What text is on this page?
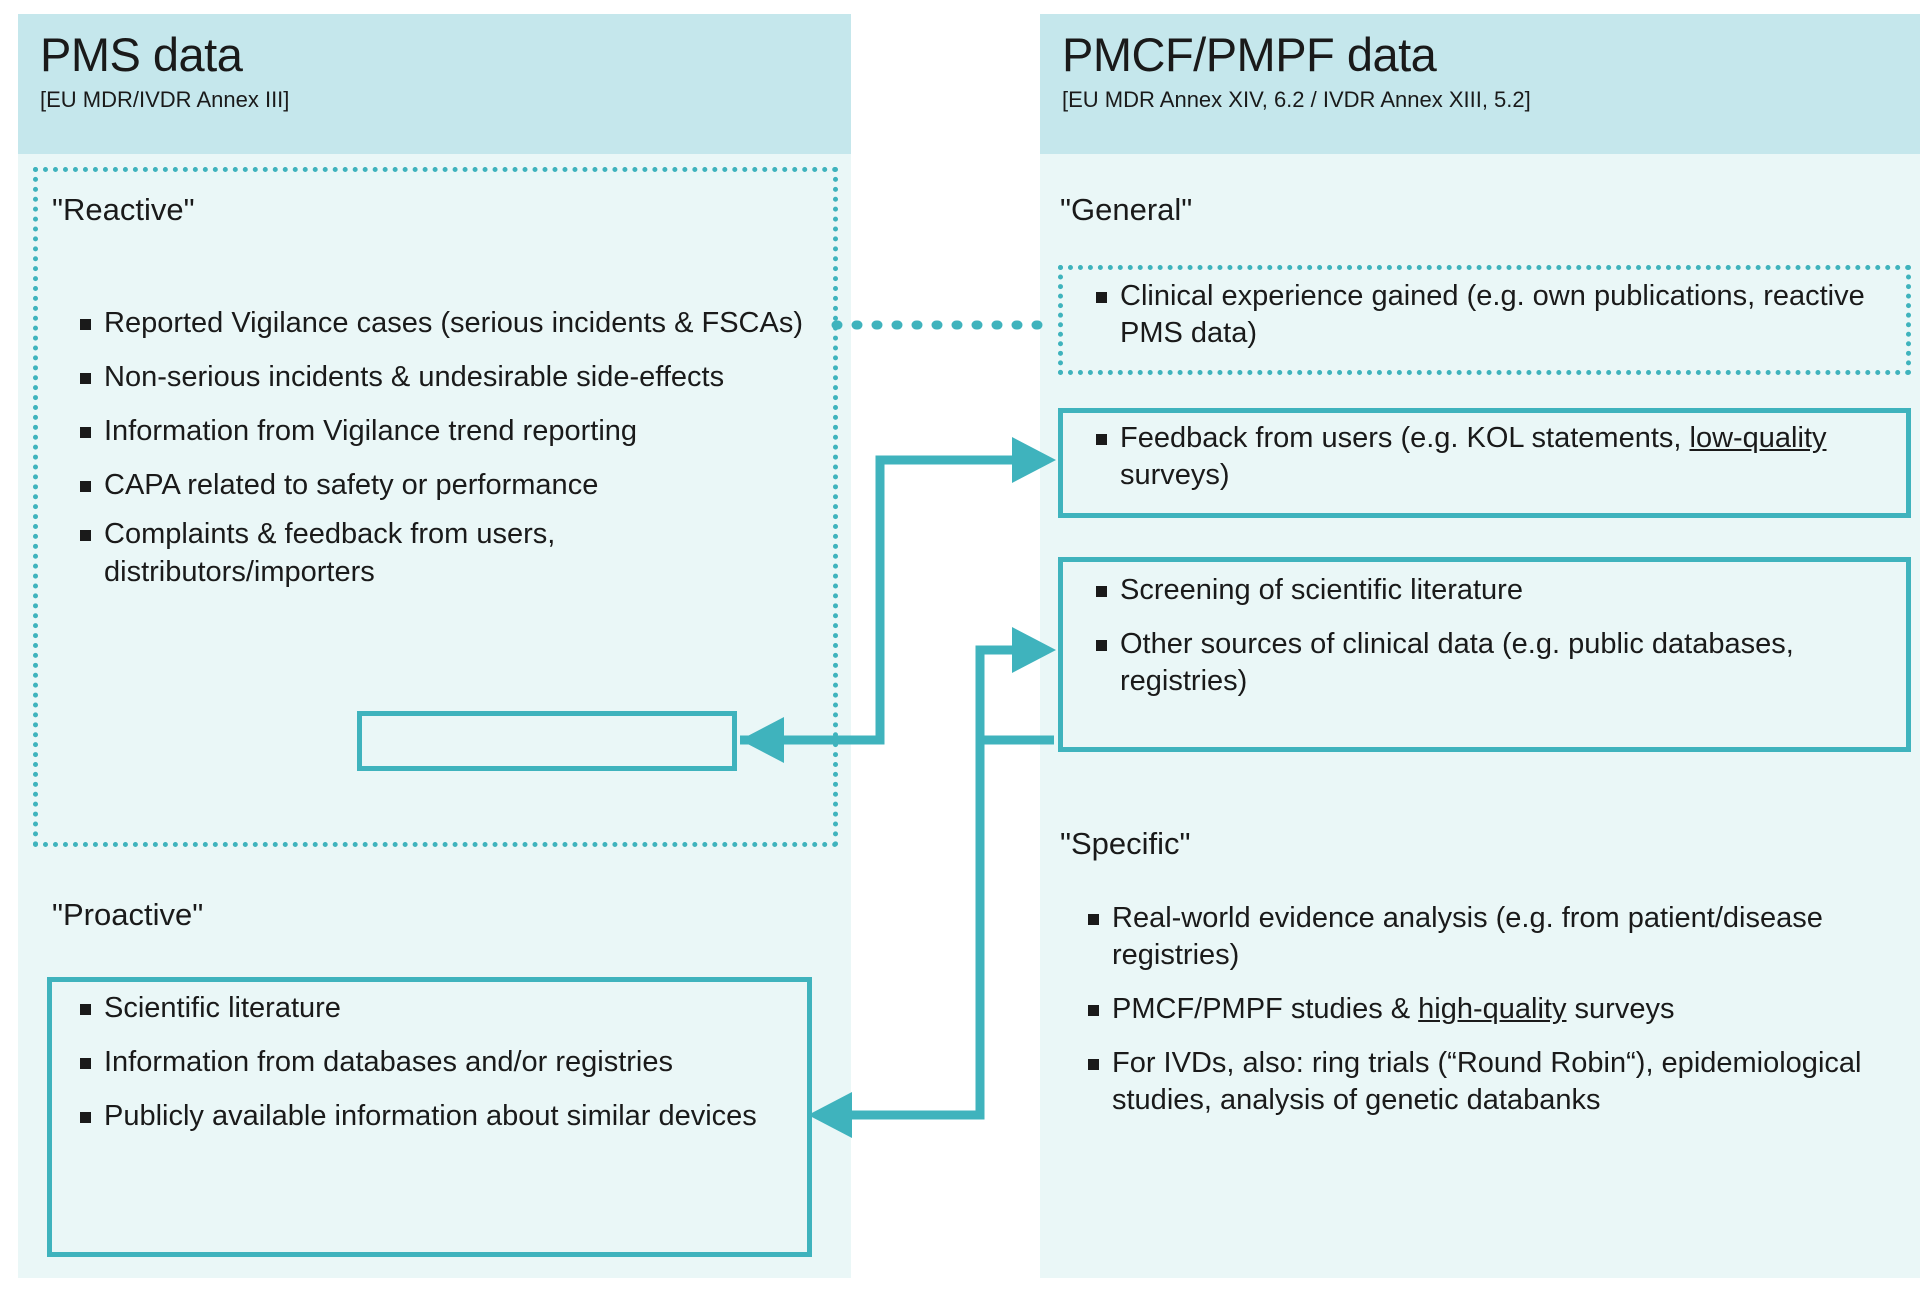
PMS data
[EU MDR/IVDR Annex III]
"Reactive"
Reported Vigilance cases (serious incidents & FSCAs)
Non-serious incidents & undesirable side-effects
Information from Vigilance trend reporting
CAPA related to safety or performance
Complaints & feedback from users, distributors/importers
"Proactive"
Scientific literature
Information from databases and/or registries
Publicly available information about similar devices
PMCF/PMPF data
[EU MDR Annex XIV, 6.2 / IVDR Annex XIII, 5.2]
"General"
Clinical experience gained (e.g. own publications, reactive PMS data)
Feedback from users (e.g. KOL statements, low-quality surveys)
Screening of scientific literature
Other sources of clinical data (e.g. public databases, registries)
"Specific"
Real-world evidence analysis (e.g. from patient/disease registries)
PMCF/PMPF studies & high-quality surveys
For IVDs, also: ring trials (“Round Robin“), epidemiological studies, analysis of genetic databanks
